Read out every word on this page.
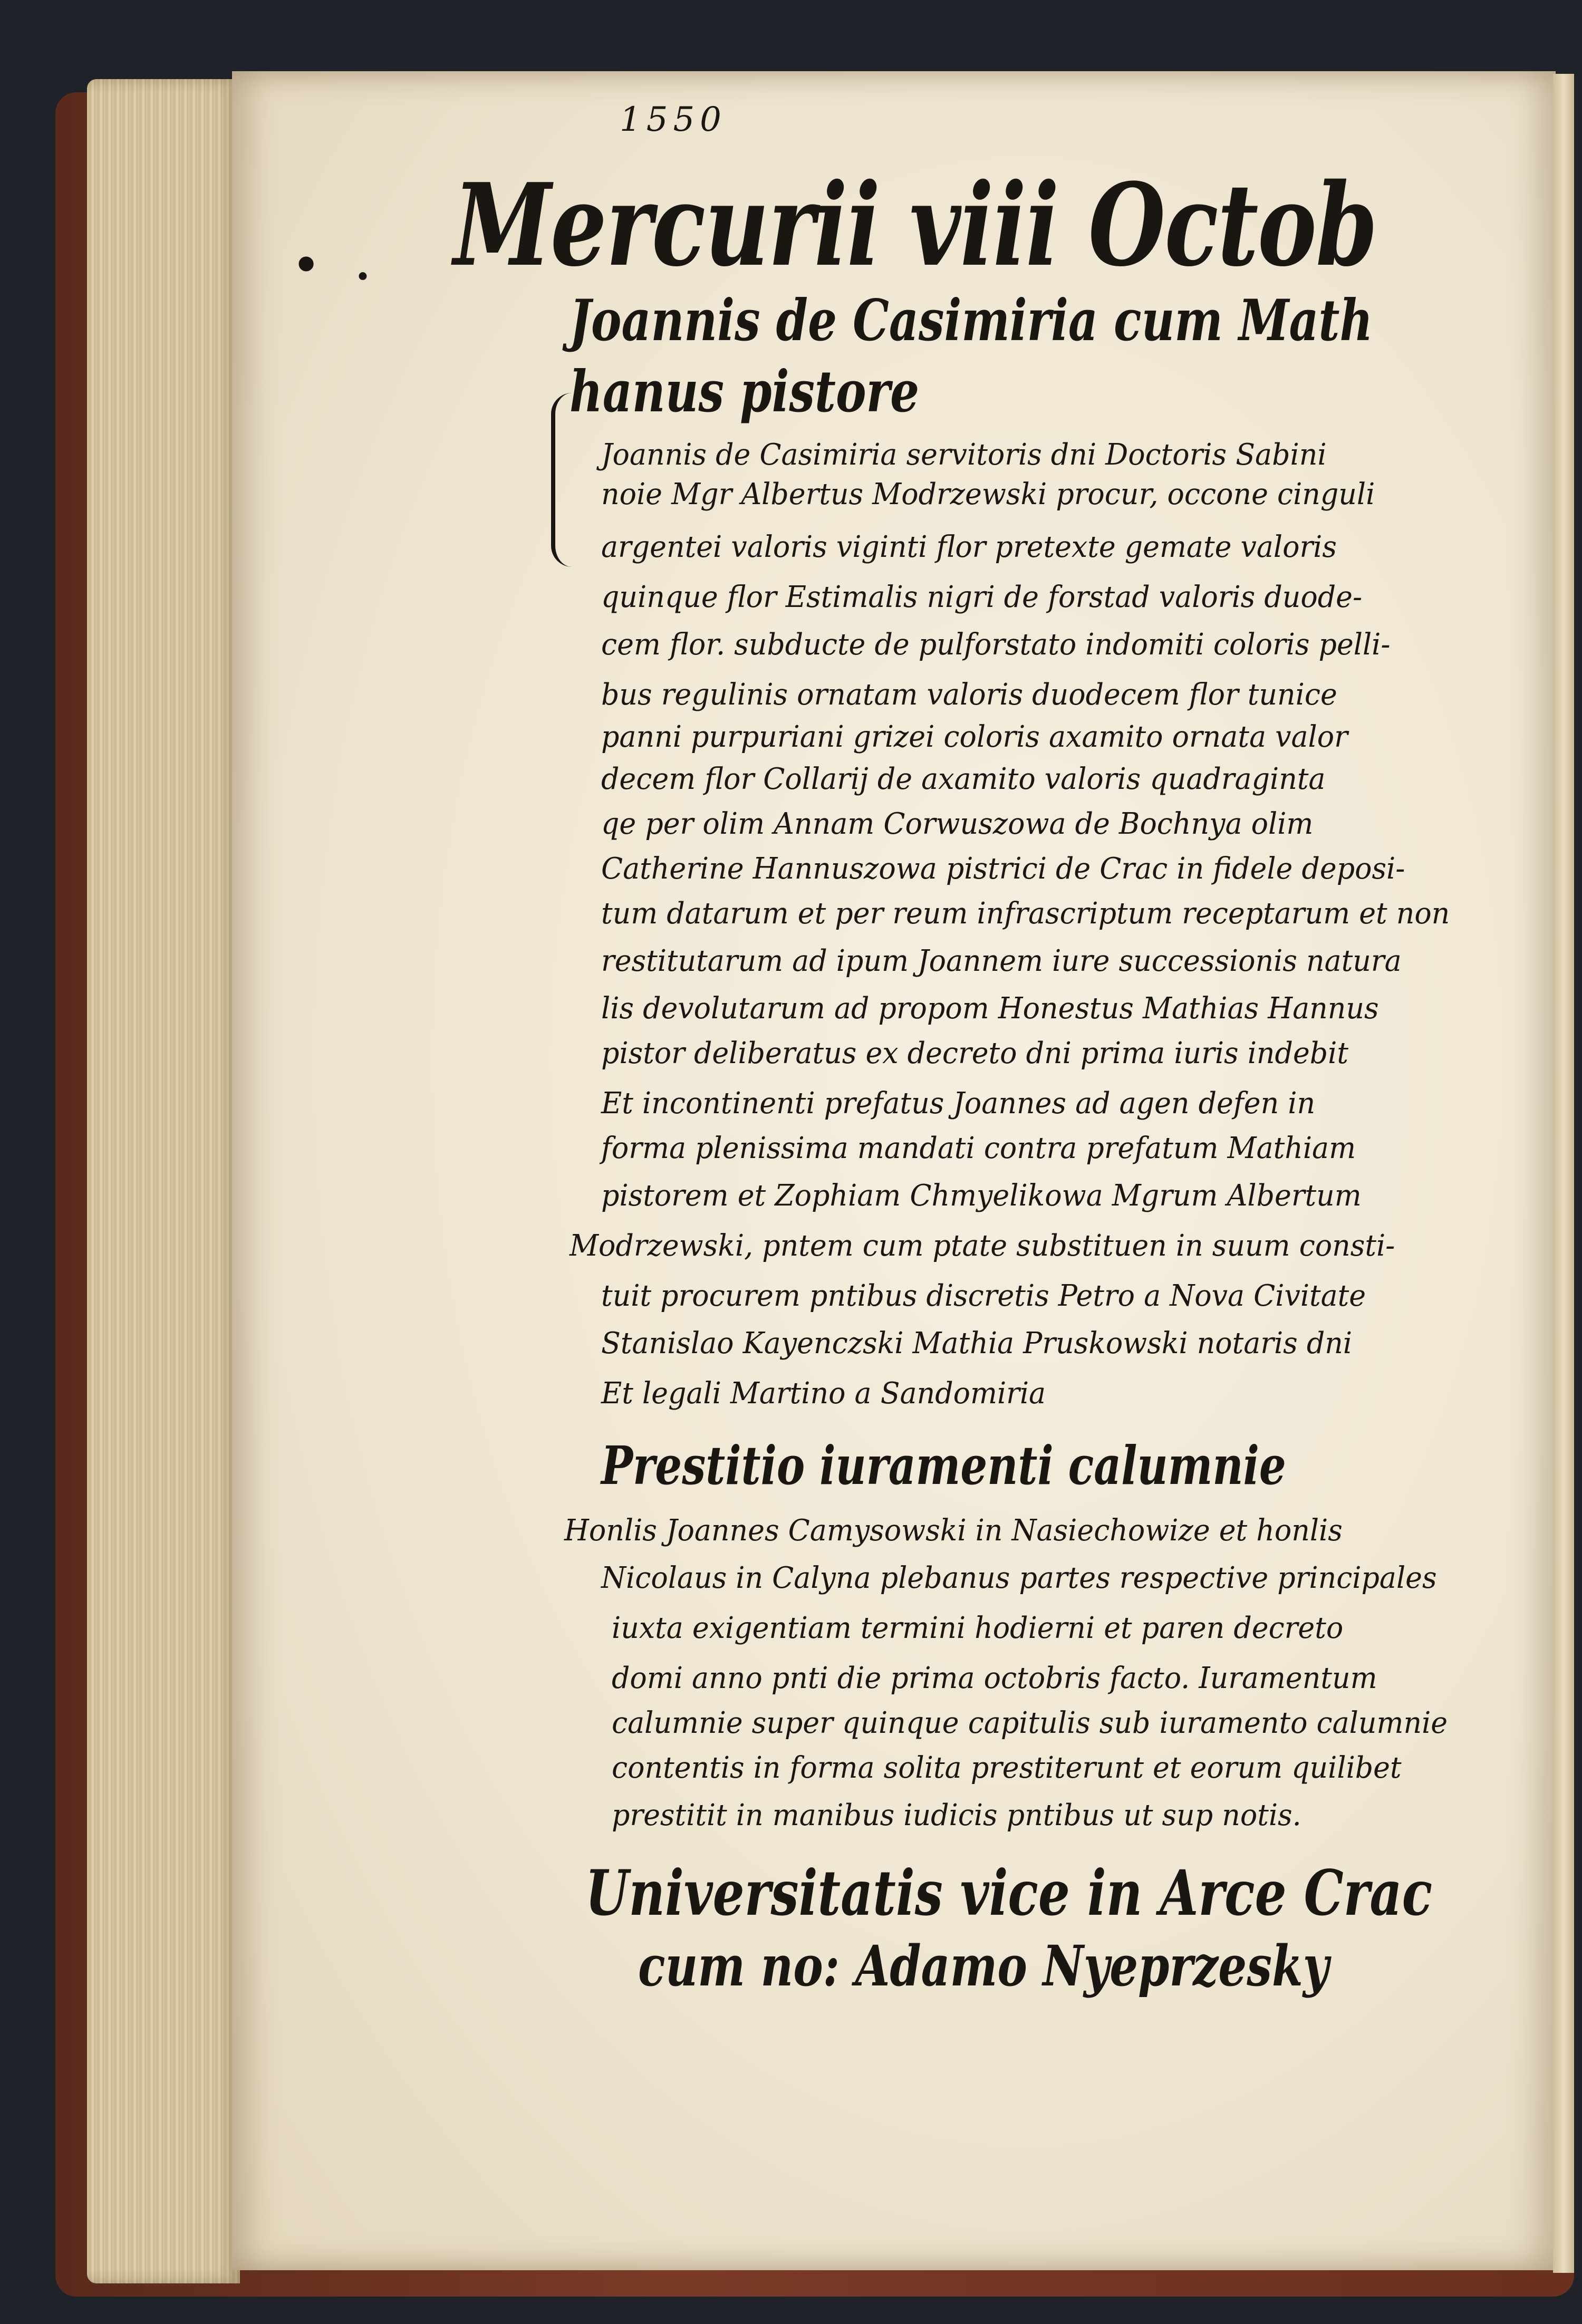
1550
• . Mercurii viii Octob
Joannis de Casimiria cum Math
hanus pistore
Joannis de Casimiria servitoris dni Doctoris Sabini
noie Mgr Albertus Modrzewski procur, occone cinguli
argentei valoris viginti flor pretexte gemate valoris
quinque flor Estimalis nigri de forstad valoris duode-
cem flor. subducte de pulforstato indomiti coloris pelli-
bus regulinis ornatam valoris duodecem flor tunice
panni purpuriani grizei coloris axamito ornata valor
decem flor Collarij de axamito valoris quadraginta
qe per olim Annam Corwuszowa de Bochnya olim
Catherine Hannuszowa pistrici de Crac in fidele deposi-
tum datarum et per reum infrascriptum receptarum et non
restitutarum ad ipum Joannem iure successionis natura
lis devolutarum ad propom Honestus Mathias Hannus
pistor deliberatus ex decreto dni prima iuris indebit
Et incontinenti prefatus Joannes ad agen defen in
forma plenissima mandati contra prefatum Mathiam
pistorem et Zophiam Chmyelikowa Mgrum Albertum
Modrzewski, pntem cum ptate substituen in suum consti-
tuit procurem pntibus discretis Petro a Nova Civitate
Stanislao Kayenczski Mathia Pruskowski notaris dni
Et legali Martino a Sandomiria
Prestitio iuramenti calumnie
Honlis Joannes Camysowski in Nasiechowize et honlis
Nicolaus in Calyna plebanus partes respective principales
iuxta exigentiam termini hodierni et paren decreto
domi anno pnti die prima octobris facto. Iuramentum
calumnie super quinque capitulis sub iuramento calumnie
contentis in forma solita prestiterunt et eorum quilibet
prestitit in manibus iudicis pntibus ut sup notis.
Universitatis vice in Arce Crac
cum no: Adamo Nyeprzesky
